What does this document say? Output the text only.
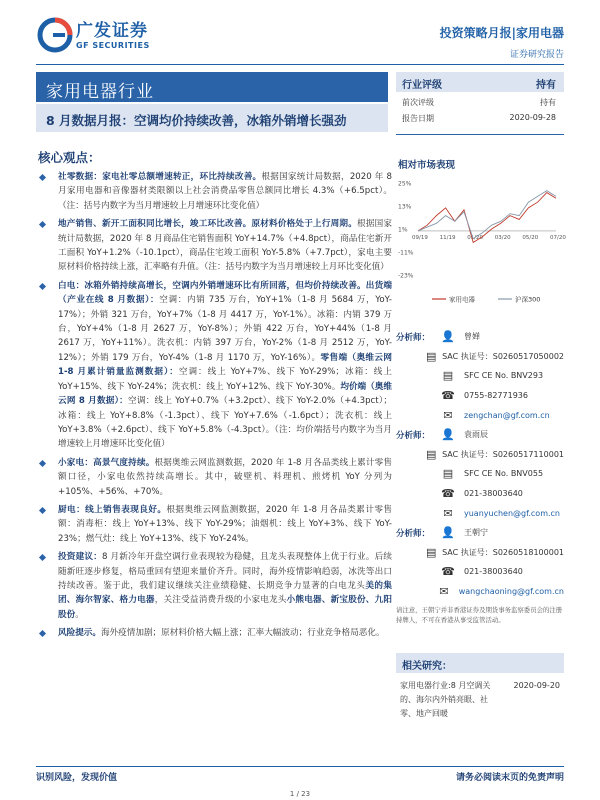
广发证券
GF SECURITIES
投资策略月报|家用电器
证券研究报告
家用电器行业
8 月数据月报：空调均价持续改善，冰箱外销增长强劲
核心观点：
社零数据：家电社零总额增速转正，环比持续改善。根据国家统计局数据，2020 年 8 月家用电器和音像器材类限额以上社会消费品零售总额同比增长 4.3%（+6.5pct）。（注：括号内数字为当月增速较上月增速环比变化值）
地产销售、新开工面积同比增长，竣工环比改善。原材料价格处于上行周期。根据国家统计局数据，2020 年 8 月商品住宅销售面积 YoY+14.7%（+4.8pct），商品住宅新开工面积 YoY+1.2%（-10.1pct），商品住宅竣工面积 YoY-5.8%（+7.7pct），家电主要原材料价格持续上涨，汇率略有升值。（注：括号内数字为当月增速较上月环比变化值）
白电：冰箱外销持续高增长，空调内外销增速环比有所回落，但均价持续改善。出货端（产业在线 8 月数据）：空调：内销 735 万台，YoY+1%（1-8 月 5684 万，YoY-17%）；外销 321 万台，YoY+7%（1-8 月 4417 万，YoY-1%）。冰箱：内销 379 万台，YoY+4%（1-8 月 2627 万，YoY-8%）；外销 422 万台，YoY+44%（1-8 月 2617 万，YoY+11%）。洗衣机：内销 397 万台，YoY-2%（1-8 月 2512 万，YoY-12%）；外销 179 万台，YoY-4%（1-8 月 1170 万，YoY-16%）。零售端（奥维云网 1-8 月累计销量监测数据）：空调：线上 YoY+7%、线下 YoY-29%；冰箱：线上 YoY+15%、线下 YoY-24%；洗衣机：线上 YoY+12%、线下 YoY-30%。均价端（奥维云网 8 月数据）：空调：线上 YoY+0.7%（+3.2pct）、线下 YoY-2.0%（+4.3pct）；冰箱：线上 YoY+8.8%（-1.3pct）、线下 YoY+7.6%（-1.6pct）；洗衣机：线上 YoY+3.8%（+2.6pct）、线下 YoY+5.8%（-4.3pct）。（注：均价端括号内数字为当月增速较上月增速环比变化值）
小家电：高景气度持续。根据奥维云网监测数据，2020 年 1-8 月各品类线上累计零售额口径，小家电依然持续高增长。其中，破壁机、料理机、煎烤机 YoY 分列为 +105%、+56%、+70%。
厨电：线上销售表现良好。根据奥维云网监测数据，2020 年 1-8 月各品类累计零售额：消毒柜：线上 YoY+13%、线下 YoY-29%；油烟机：线上 YoY+3%、线下 YoY-23%；燃气灶：线上 YoY+13%、线下 YoY-24%。
投资建议：8 月新冷年开盘空调行业表现较为稳健，且龙头表现整体上优于行业。后续随新旺逐步修复，格局重回有望迎来量价齐升。同时，海外疫情影响趋弱，冰洗等出口持续改善。鉴于此，我们建议继续关注业绩稳健、长期竞争力显著的白电龙头美的集团、海尔智家、格力电器，关注受益消费升级的小家电龙头小熊电器、新宝股份、九阳股份。
风险提示。海外疫情加剧；原材料价格大幅上涨；汇率大幅波动；行业竞争格局恶化。
行业评级	持有
前次评级	持有
报告日期	2020-09-28
相对市场表现
25%
13%
1%
-11%
-23%
09/19 11/19 01/20 03/20 05/20 07/20
家用电器	沪深300
分析师：	👤	曾婵
▤ SAC 执证号：S0260517050002
▤	SFC CE No. BNV293
☎	0755-82771936
✉	zengchan@gf.com.cn
分析师：	👤	袁雨辰
▤ SAC 执证号：S0260517110001
▤	SFC CE No. BNV055
☎	021-38003640
✉	yuanyuchen@gf.com.cn
分析师：	👤	王朝宁
▤ SAC 执证号：S0260518100001
☎	021-38003640
✉	wangchaoning@gf.com.cn
请注意，王朝宁并非香港证券及期货事务监察委员会的注册持牌人，不可在香港从事受监管活动。
相关研究：
2020-09-20
家用电器行业:8 月空调关的、海尔内外销亮眼、社零、地产回暖
识别风险，发现价值	请务必阅读末页的免责声明
1 / 23
